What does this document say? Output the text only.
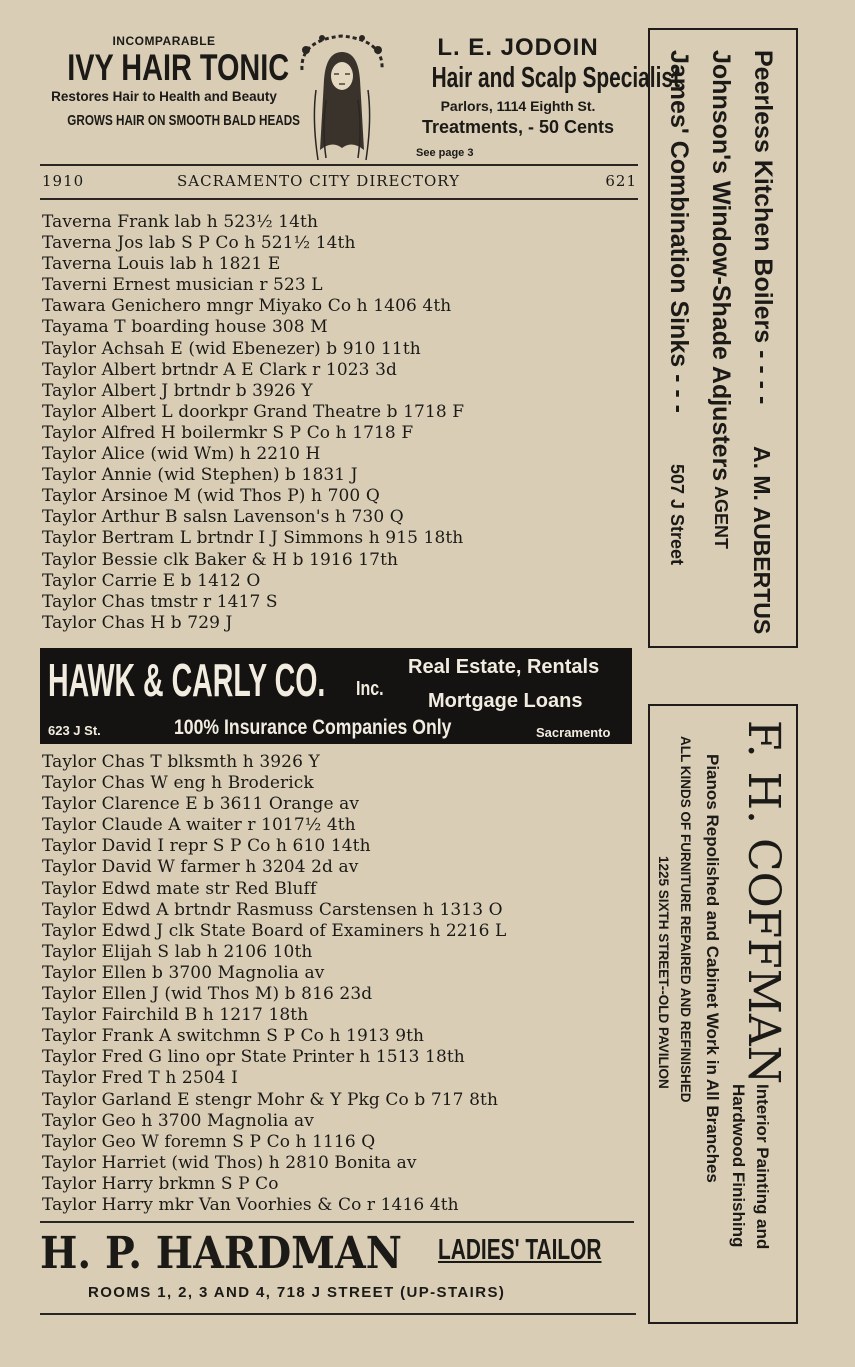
INCOMPARABLE
IVY HAIR TONIC
Restores Hair to Health and Beauty
GROWS HAIR ON SMOOTH BALD HEADS
L. E. JODOIN
Hair and Scalp Specialist
Parlors, 1114 Eighth St.
Treatments, - 50 Cents
See page 3
1910	SACRAMENTO CITY DIRECTORY	621
Taverna Frank lab h 523½ 14th
Taverna Jos lab S P Co h 521½ 14th
Taverna Louis lab h 1821 E
Taverni Ernest musician r 523 L
Tawara Genichero mngr Miyako Co h 1406 4th
Tayama T boarding house 308 M
Taylor Achsah E (wid Ebenezer) b 910 11th
Taylor Albert brtndr A E Clark r 1023 3d
Taylor Albert J brtndr b 3926 Y
Taylor Albert L doorkpr Grand Theatre b 1718 F
Taylor Alfred H boilermkr S P Co h 1718 F
Taylor Alice (wid Wm) h 2210 H
Taylor Annie (wid Stephen) b 1831 J
Taylor Arsinoe M (wid Thos P) h 700 Q
Taylor Arthur B salsn Lavenson's h 730 Q
Taylor Bertram L brtndr I J Simmons h 915 18th
Taylor Bessie clk Baker & H b 1916 17th
Taylor Carrie E b 1412 O
Taylor Chas tmstr r 1417 S
Taylor Chas H b 729 J
HAWK & CARLY CO. Inc.
Real Estate, Rentals
Mortgage Loans
623 J St.	100% Insurance Companies Only	Sacramento
Taylor Chas T blksmth h 3926 Y
Taylor Chas W eng h Broderick
Taylor Clarence E b 3611 Orange av
Taylor Claude A waiter r 1017½ 4th
Taylor David I repr S P Co h 610 14th
Taylor David W farmer h 3204 2d av
Taylor Edwd mate str Red Bluff
Taylor Edwd A brtndr Rasmuss Carstensen h 1313 O
Taylor Edwd J clk State Board of Examiners h 2216 L
Taylor Elijah S lab h 2106 10th
Taylor Ellen b 3700 Magnolia av
Taylor Ellen J (wid Thos M) b 816 23d
Taylor Fairchild B h 1217 18th
Taylor Frank A switchmn S P Co h 1913 9th
Taylor Fred G lino opr State Printer h 1513 18th
Taylor Fred T h 2504 I
Taylor Garland E stengr Mohr & Y Pkg Co b 717 8th
Taylor Geo h 3700 Magnolia av
Taylor Geo W foremn S P Co h 1116 Q
Taylor Harriet (wid Thos) h 2810 Bonita av
Taylor Harry brkmn S P Co
Taylor Harry mkr Van Voorhies & Co r 1416 4th
H. P. HARDMAN LADIES' TAILOR
ROOMS 1, 2, 3 AND 4, 718 J STREET (UP-STAIRS)
Peerless Kitchen Boilers - - - -
Johnson's Window-Shade Adjusters
James' Combination Sinks - - -
A. M. AUBERTUS
AGENT
507 J Street
F. H. COFFMAN
Interior Painting and
Hardwood Finishing
Pianos Repolished and Cabinet Work in All Branches
ALL KINDS OF FURNITURE REPAIRED AND REFINISHED
1225 SIXTH STREET--OLD PAVILION
